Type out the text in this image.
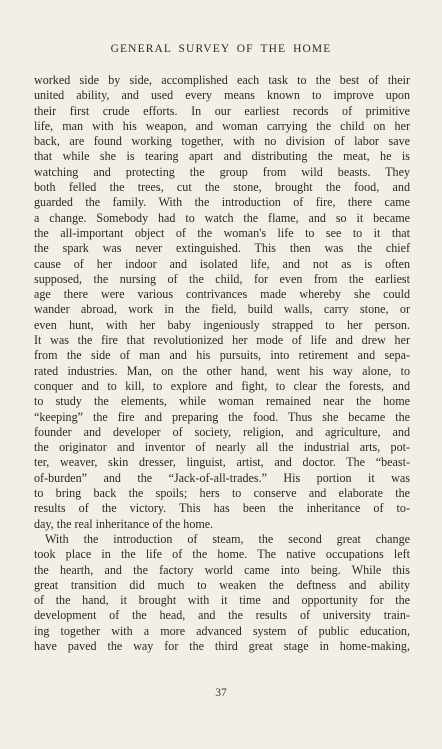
GENERAL SURVEY OF THE HOME
worked side by side, accomplished each task to the best of their
united ability, and used every means known to improve upon
their first crude efforts. In our earliest records of primitive
life, man with his weapon, and woman carrying the child on her
back, are found working together, with no division of labor save
that while she is tearing apart and distributing the meat, he is
watching and protecting the group from wild beasts. They
both felled the trees, cut the stone, brought the food, and
guarded the family. With the introduction of fire, there came
a change. Somebody had to watch the flame, and so it became
the all-important object of the woman's life to see to it that
the spark was never extinguished. This then was the chief
cause of her indoor and isolated life, and not as is often
supposed, the nursing of the child, for even from the earliest
age there were various contrivances made whereby she could
wander abroad, work in the field, build walls, carry stone, or
even hunt, with her baby ingeniously strapped to her person.
It was the fire that revolutionized her mode of life and drew her
from the side of man and his pursuits, into retirement and sepa-
rated industries. Man, on the other hand, went his way alone, to
conquer and to kill, to explore and fight, to clear the forests, and
to study the elements, while woman remained near the home
“keeping” the fire and preparing the food. Thus she became the
founder and developer of society, religion, and agriculture, and
the originator and inventor of nearly all the industrial arts, pot-
ter, weaver, skin dresser, linguist, artist, and doctor. The “beast-
of-burden” and the “Jack-of-all-trades.” His portion it was
to bring back the spoils; hers to conserve and elaborate the
results of the victory. This has been the inheritance of to-
day, the real inheritance of the home.
With the introduction of steam, the second great change
took place in the life of the home. The native occupations left
the hearth, and the factory world came into being. While this
great transition did much to weaken the deftness and ability
of the hand, it brought with it time and opportunity for the
development of the head, and the results of university train-
ing together with a more advanced system of public education,
have paved the way for the third great stage in home-making,
37
